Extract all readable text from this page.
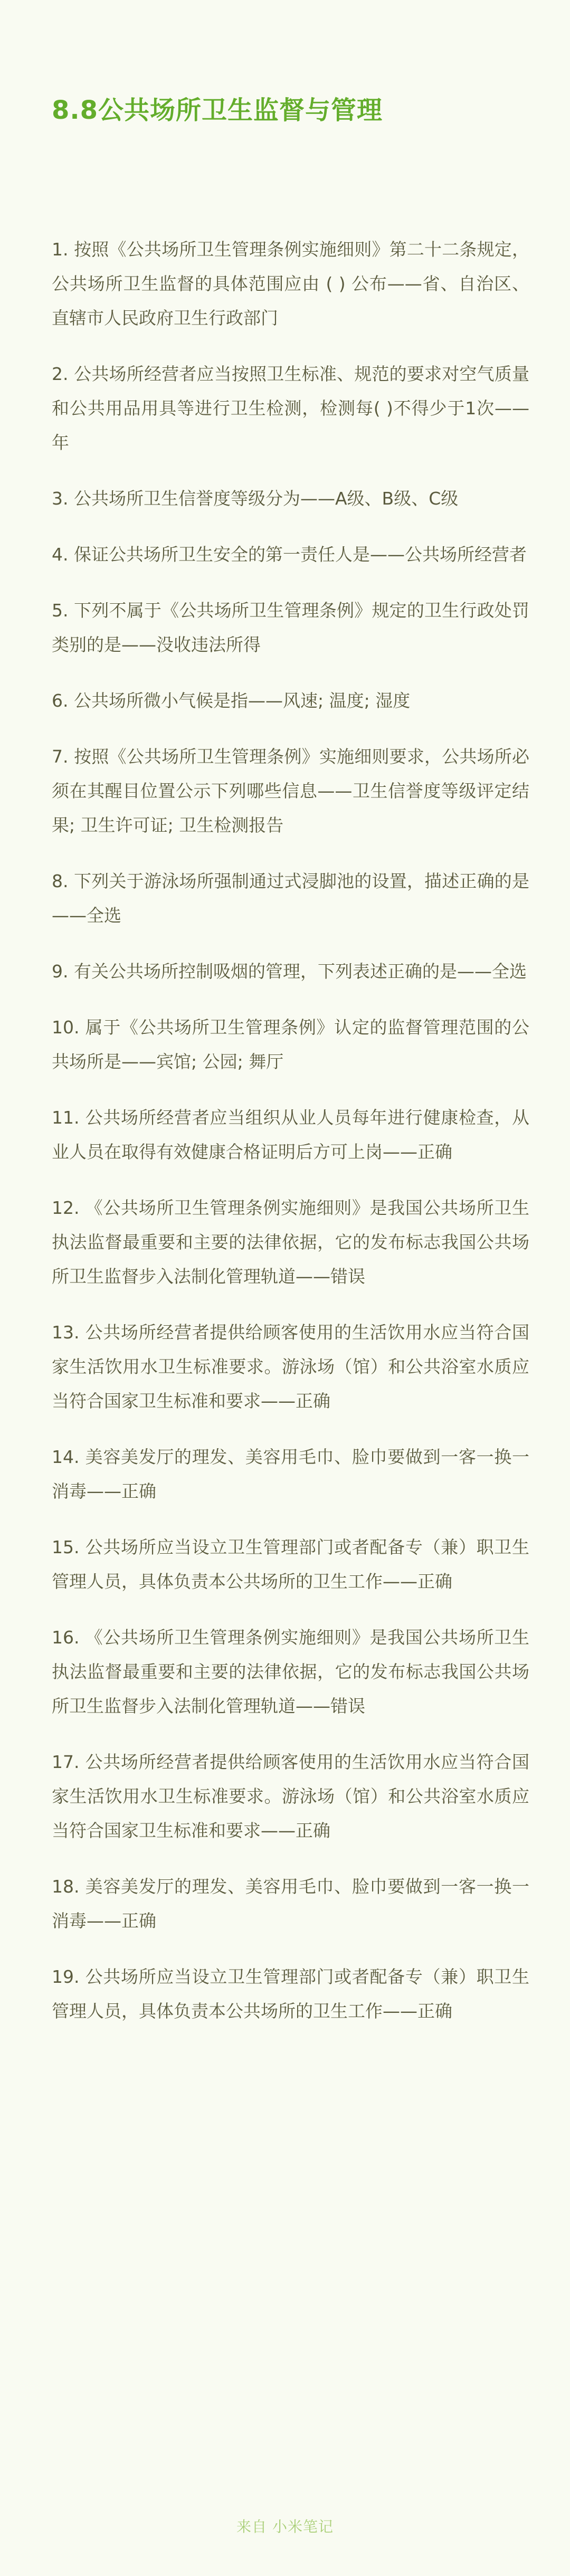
8.8公共场所卫生监督与管理

1. 按照《公共场所卫生管理条例实施细则》第二十二条规定，公共场所卫生监督的具体范围应由 ( ) 公布——省、自治区、直辖市人民政府卫生行政部门

2. 公共场所经营者应当按照卫生标准、规范的要求对空气质量和公共用品用具等进行卫生检测，检测每( )不得少于1次——年

3. 公共场所卫生信誉度等级分为——A级、B级、C级

4. 保证公共场所卫生安全的第一责任人是——公共场所经营者

5. 下列不属于《公共场所卫生管理条例》规定的卫生行政处罚类别的是——没收违法所得

6. 公共场所微小气候是指——风速; 温度; 湿度

7. 按照《公共场所卫生管理条例》实施细则要求，公共场所必须在其醒目位置公示下列哪些信息——卫生信誉度等级评定结果; 卫生许可证; 卫生检测报告

8. 下列关于游泳场所强制通过式浸脚池的设置，描述正确的是——全选

9. 有关公共场所控制吸烟的管理，下列表述正确的是——全选

10. 属于《公共场所卫生管理条例》认定的监督管理范围的公共场所是——宾馆; 公园; 舞厅

11. 公共场所经营者应当组织从业人员每年进行健康检查，从业人员在取得有效健康合格证明后方可上岗——正确

12. 《公共场所卫生管理条例实施细则》是我国公共场所卫生执法监督最重要和主要的法律依据，它的发布标志我国公共场所卫生监督步入法制化管理轨道——错误

13. 公共场所经营者提供给顾客使用的生活饮用水应当符合国家生活饮用水卫生标准要求。游泳场（馆）和公共浴室水质应当符合国家卫生标准和要求——正确

14. 美容美发厅的理发、美容用毛巾、脸巾要做到一客一换一消毒——正确

15. 公共场所应当设立卫生管理部门或者配备专（兼）职卫生管理人员，具体负责本公共场所的卫生工作——正确

16. 《公共场所卫生管理条例实施细则》是我国公共场所卫生执法监督最重要和主要的法律依据，它的发布标志我国公共场所卫生监督步入法制化管理轨道——错误

17. 公共场所经营者提供给顾客使用的生活饮用水应当符合国家生活饮用水卫生标准要求。游泳场（馆）和公共浴室水质应当符合国家卫生标准和要求——正确

18. 美容美发厅的理发、美容用毛巾、脸巾要做到一客一换一消毒——正确

19. 公共场所应当设立卫生管理部门或者配备专（兼）职卫生管理人员，具体负责本公共场所的卫生工作——正确

来自 小米笔记
